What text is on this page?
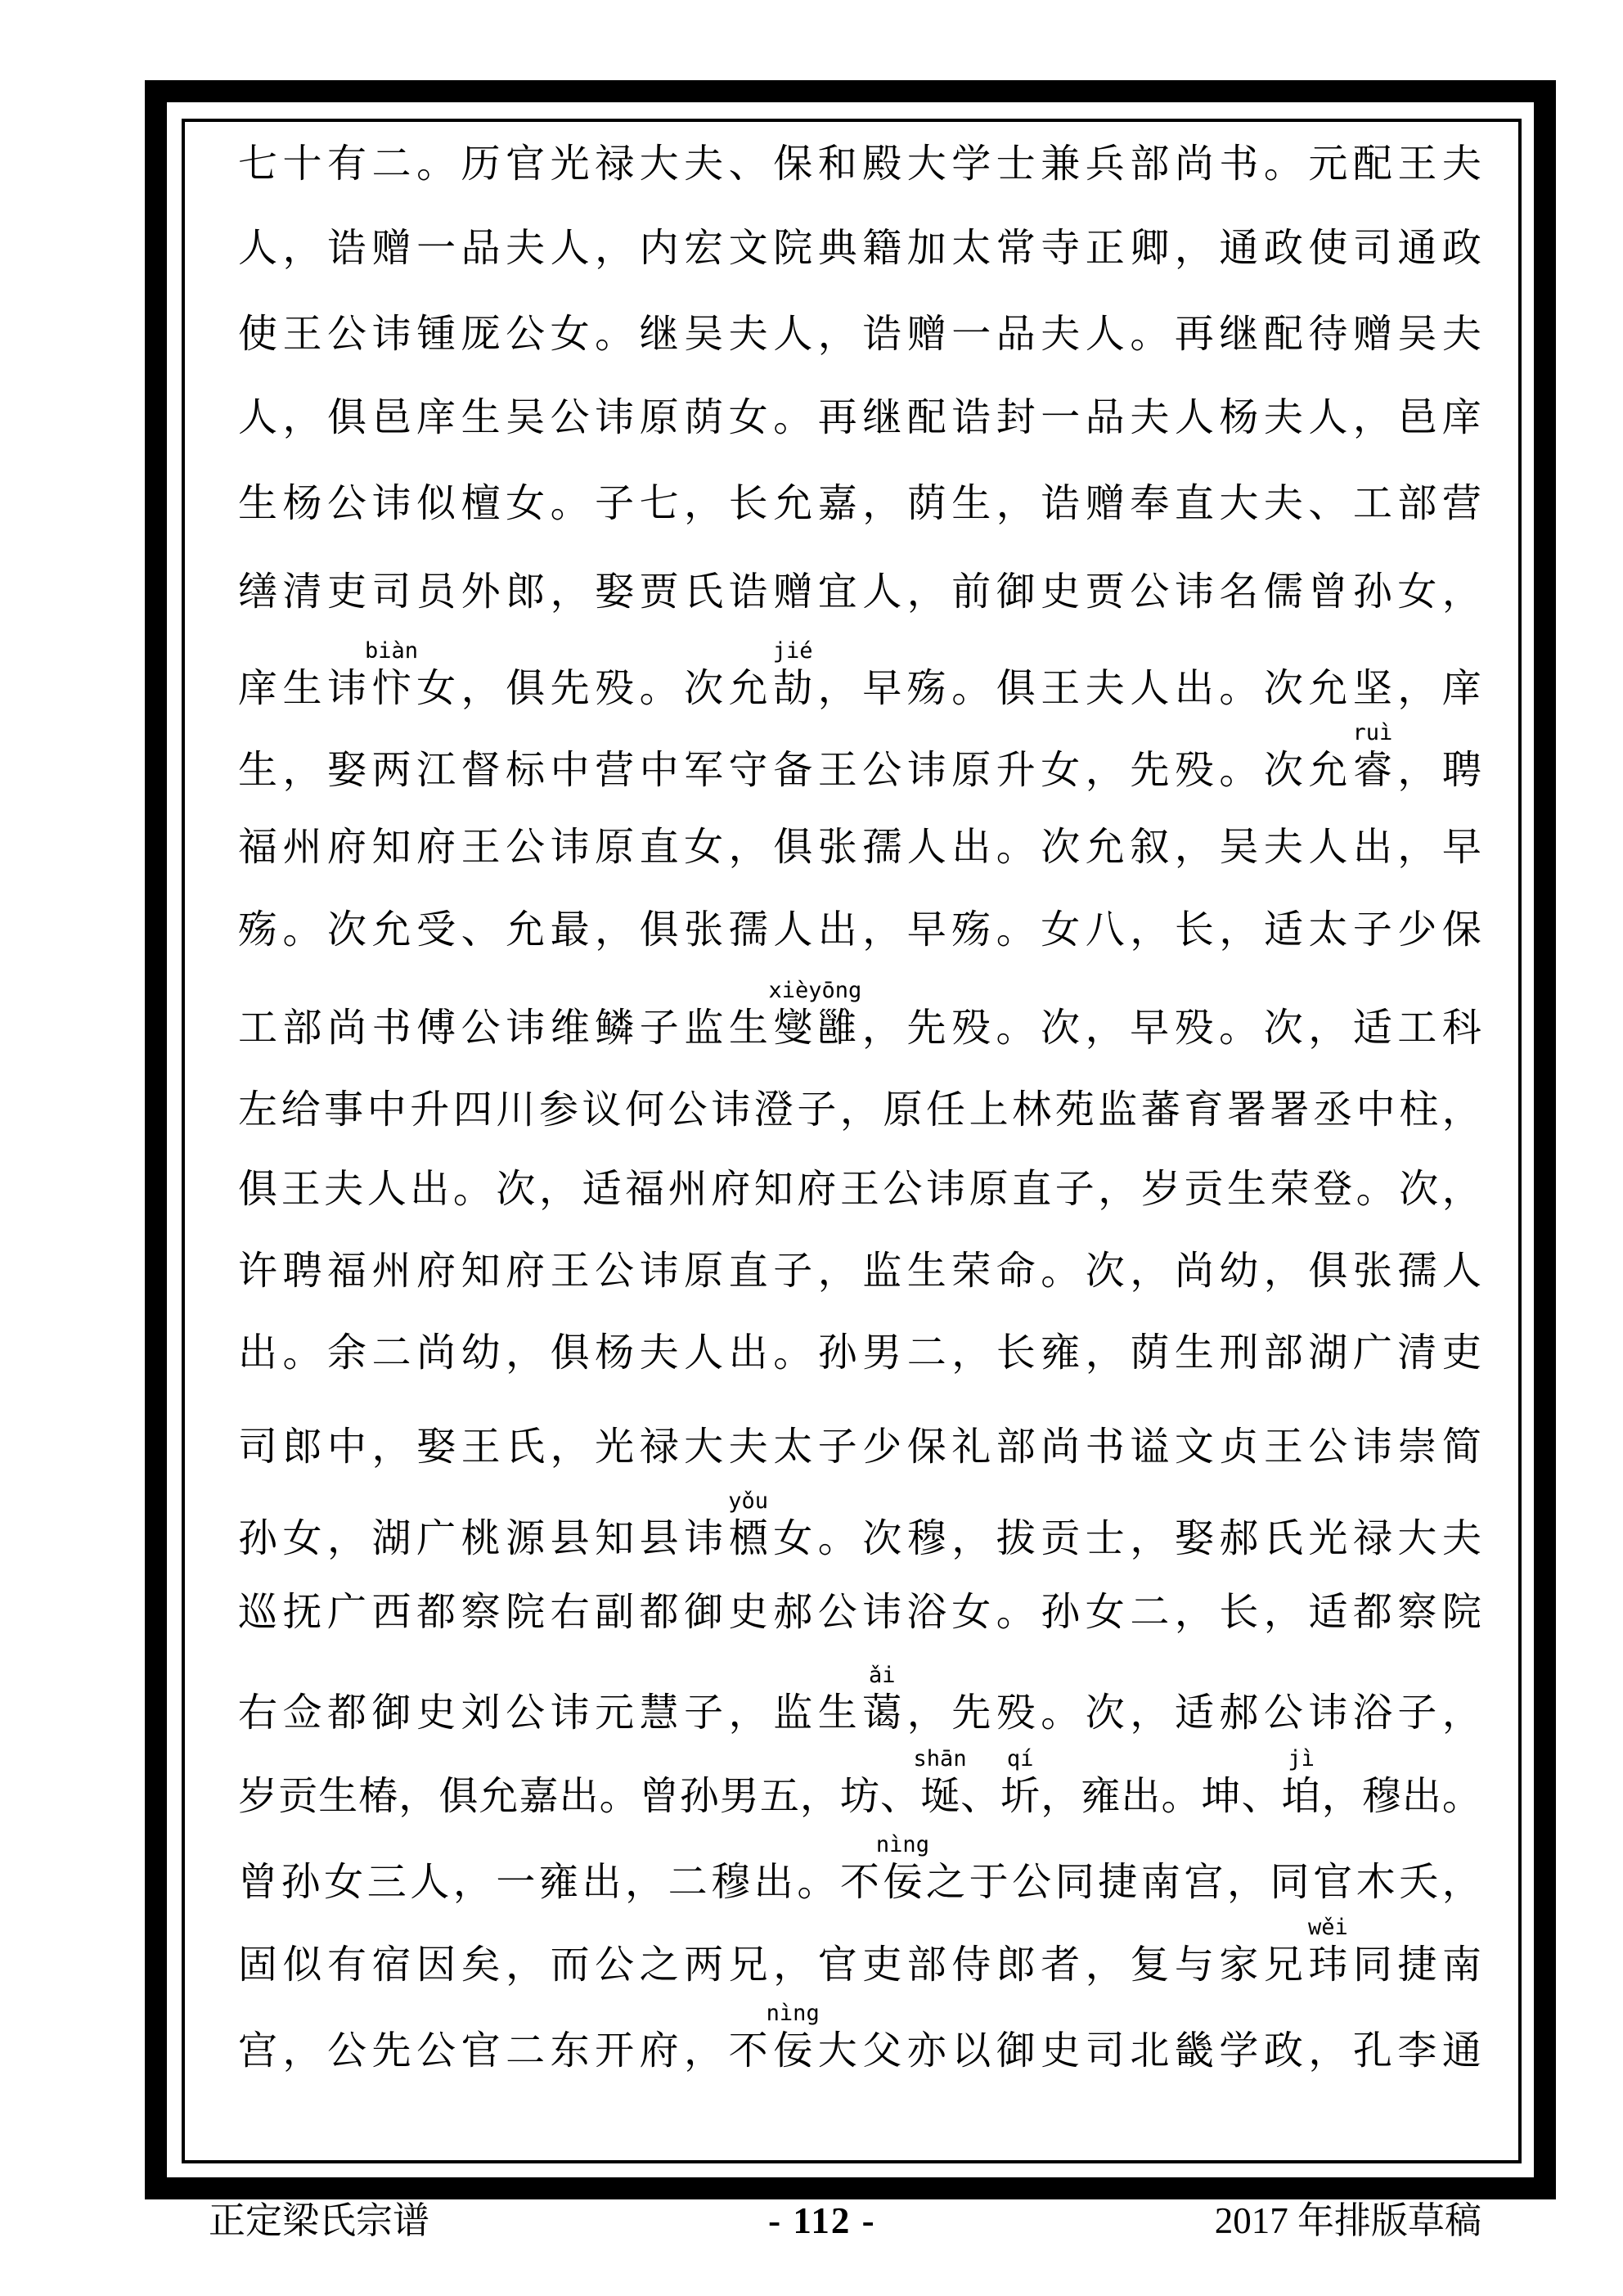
七 十 有 二 。 历 官 光 禄 大 夫 、 保 和 殿 大 学 士 兼 兵 部 尚 书 。 元 配 王 夫
人 ， 诰 赠 一 品 夫 人 ， 内 宏 文 院 典 籍 加 太 常 寺 正 卿 ， 通 政 使 司 通 政
使 王 公 讳 锺 厐 公 女 。 继 吴 夫 人 ， 诰 赠 一 品 夫 人 。 再 继 配 待 赠 吴 夫
人 ， 俱 邑 庠 生 吴 公 讳 原 荫 女 。 再 继 配 诰 封 一 品 夫 人 杨 夫 人 ， 邑 庠
生 杨 公 讳 似 檀 女 。 子 七 ， 长 允 嘉 ， 荫 生 ， 诰 赠 奉 直 大 夫 、 工 部 营
缮 清 吏 司 员 外 郎 ， 娶 贾 氏 诰 赠 宜 人 ， 前 御 史 贾 公 讳 名 儒 曾 孙 女 ，
庠 生 讳 忭
biàn
女 ， 俱 先 殁 。 次 允 劼
jié
， 早 殇 。 俱 王 夫 人 出 。 次 允 坚 ， 庠
生 ， 娶 两 江 督 标 中 营 中 军 守 备 王 公 讳 原 升 女 ， 先 殁 。 次 允 睿
ruì
， 聘
福 州 府 知 府 王 公 讳 原 直 女 ， 俱 张 孺 人 出 。 次 允 叙 ， 吴 夫 人 出 ， 早
殇 。 次 允 受 、 允 最 ， 俱 张 孺 人 出 ， 早 殇 。 女 八 ， 长 ， 适 太 子 少 保
工 部 尚 书 傅 公 讳 维 鳞 子 监 生 燮 雝
xièyōng
， 先 殁 。 次 ， 早 殁 。 次 ， 适 工 科
左 给 事 中 升 四 川 参 议 何 公 讳 澄 子 ， 原 任 上 林 苑 监 蕃 育 署 署 丞 中 柱 ，
俱 王 夫 人 出 。 次 ， 适 福 州 府 知 府 王 公 讳 原 直 子 ， 岁 贡 生 荣 登 。 次 ，
许 聘 福 州 府 知 府 王 公 讳 原 直 子 ， 监 生 荣 命 。 次 ， 尚 幼 ， 俱 张 孺 人
出 。 余 二 尚 幼 ， 俱 杨 夫 人 出 。 孙 男 二 ， 长 雍 ， 荫 生 刑 部 湖 广 清 吏
司 郎 中 ， 娶 王 氏 ， 光 禄 大 夫 太 子 少 保 礼 部 尚 书 谥 文 贞 王 公 讳 崇 简
孙 女 ， 湖 广 桃 源 县 知 县 讳 槱
yǒu
女 。 次 穆 ， 拔 贡 士 ， 娶 郝 氏 光 禄 大 夫
巡 抚 广 西 都 察 院 右 副 都 御 史 郝 公 讳 浴 女 。 孙 女 二 ， 长 ， 适 都 察 院
右 佥 都 御 史 刘 公 讳 元 慧 子 ， 监 生 蔼
ǎi
， 先 殁 。 次 ， 适 郝 公 讳 浴 子 ，
岁 贡 生 椿 ， 俱 允 嘉 出 。 曾 孙 男 五 ， 坊 、 埏
shān
、 圻
qí
， 雍 出 。 坤 、 垍
jì
， 穆 出 。
曾 孙 女 三 人 ， 一 雍 出 ， 二 穆 出 。 不 佞
nìng
之 于 公 同 捷 南 宫 ， 同 官 木 夭 ，
固 似 有 宿 因 矣 ， 而 公 之 两 兄 ， 官 吏 部 侍 郎 者 ， 复 与 家 兄 玮
wěi
同 捷 南
宫 ， 公 先 公 官 二 东 开 府 ， 不 佞
nìng
大 父 亦 以 御 史 司 北 畿 学 政 ， 孔 李 通
正定梁氏宗谱	- 112 -	2017 年排版草稿
